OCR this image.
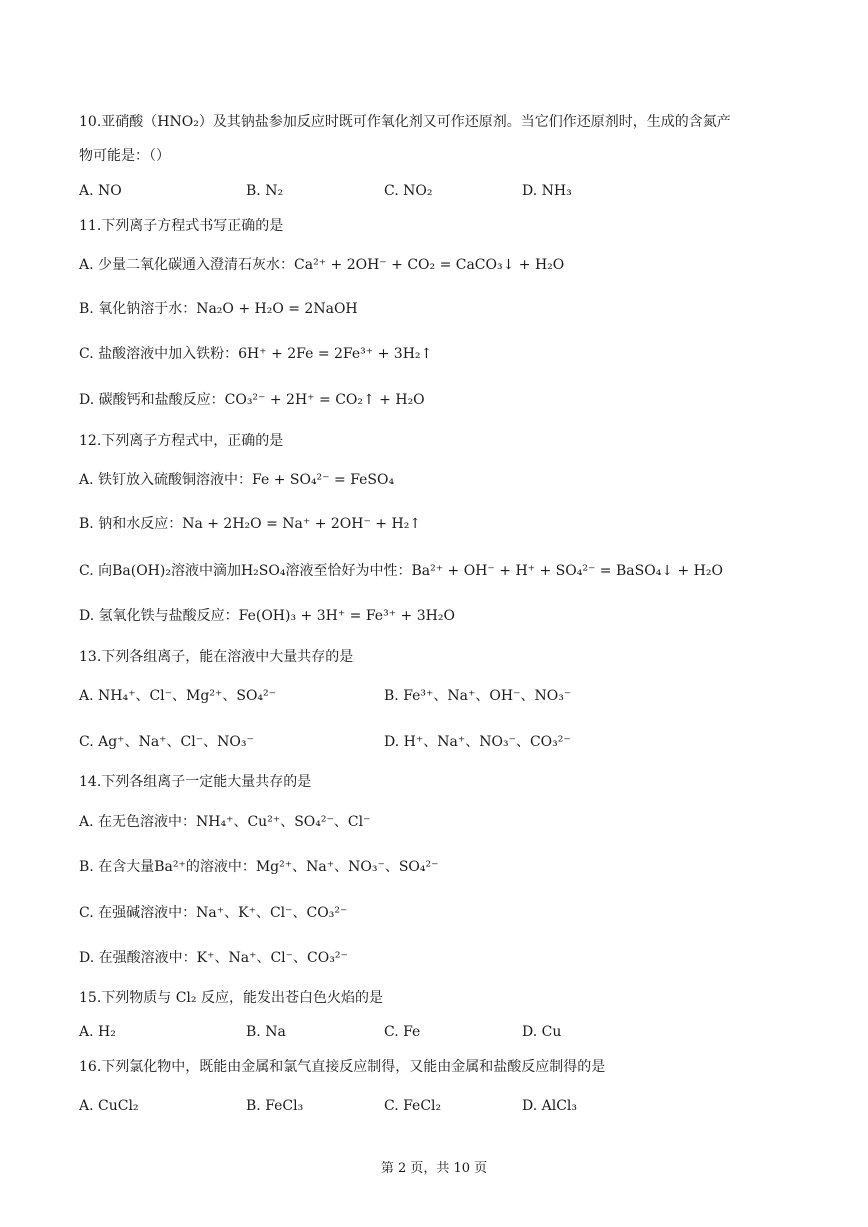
10.亚硝酸（HNO₂）及其钠盐参加反应时既可作氧化剂又可作还原剂。当它们作还原剂时，生成的含氮产
物可能是：（）
A. NO	B. N₂	C. NO₂	D. NH₃
11.下列离子方程式书写正确的是
A. 少量二氧化碳通入澄清石灰水：Ca²⁺ + 2OH⁻ + CO₂ = CaCO₃↓ + H₂O
B. 氧化钠溶于水：Na₂O + H₂O = 2NaOH
C. 盐酸溶液中加入铁粉：6H⁺ + 2Fe = 2Fe³⁺ + 3H₂↑
D. 碳酸钙和盐酸反应：CO₃²⁻ + 2H⁺ = CO₂↑ + H₂O
12.下列离子方程式中，正确的是
A. 铁钉放入硫酸铜溶液中：Fe + SO₄²⁻ = FeSO₄
B. 钠和水反应：Na + 2H₂O = Na⁺ + 2OH⁻ + H₂↑
C. 向Ba(OH)₂溶液中滴加H₂SO₄溶液至恰好为中性：Ba²⁺ + OH⁻ + H⁺ + SO₄²⁻ = BaSO₄↓ + H₂O
D. 氢氧化铁与盐酸反应：Fe(OH)₃ + 3H⁺ = Fe³⁺ + 3H₂O
13.下列各组离子，能在溶液中大量共存的是
A. NH₄⁺、Cl⁻、Mg²⁺、SO₄²⁻	B. Fe³⁺、Na⁺、OH⁻、NO₃⁻
C. Ag⁺、Na⁺、Cl⁻、NO₃⁻	D. H⁺、Na⁺、NO₃⁻、CO₃²⁻
14.下列各组离子一定能大量共存的是
A. 在无色溶液中：NH₄⁺、Cu²⁺、SO₄²⁻、Cl⁻
B. 在含大量Ba²⁺的溶液中：Mg²⁺、Na⁺、NO₃⁻、SO₄²⁻
C. 在强碱溶液中：Na⁺、K⁺、Cl⁻、CO₃²⁻
D. 在强酸溶液中：K⁺、Na⁺、Cl⁻、CO₃²⁻
15.下列物质与 Cl₂ 反应，能发出苍白色火焰的是
A. H₂	B. Na	C. Fe	D. Cu
16.下列氯化物中，既能由金属和氯气直接反应制得，又能由金属和盐酸反应制得的是
A. CuCl₂	B. FeCl₃	C. FeCl₂	D. AlCl₃
第 2 页，共 10 页
